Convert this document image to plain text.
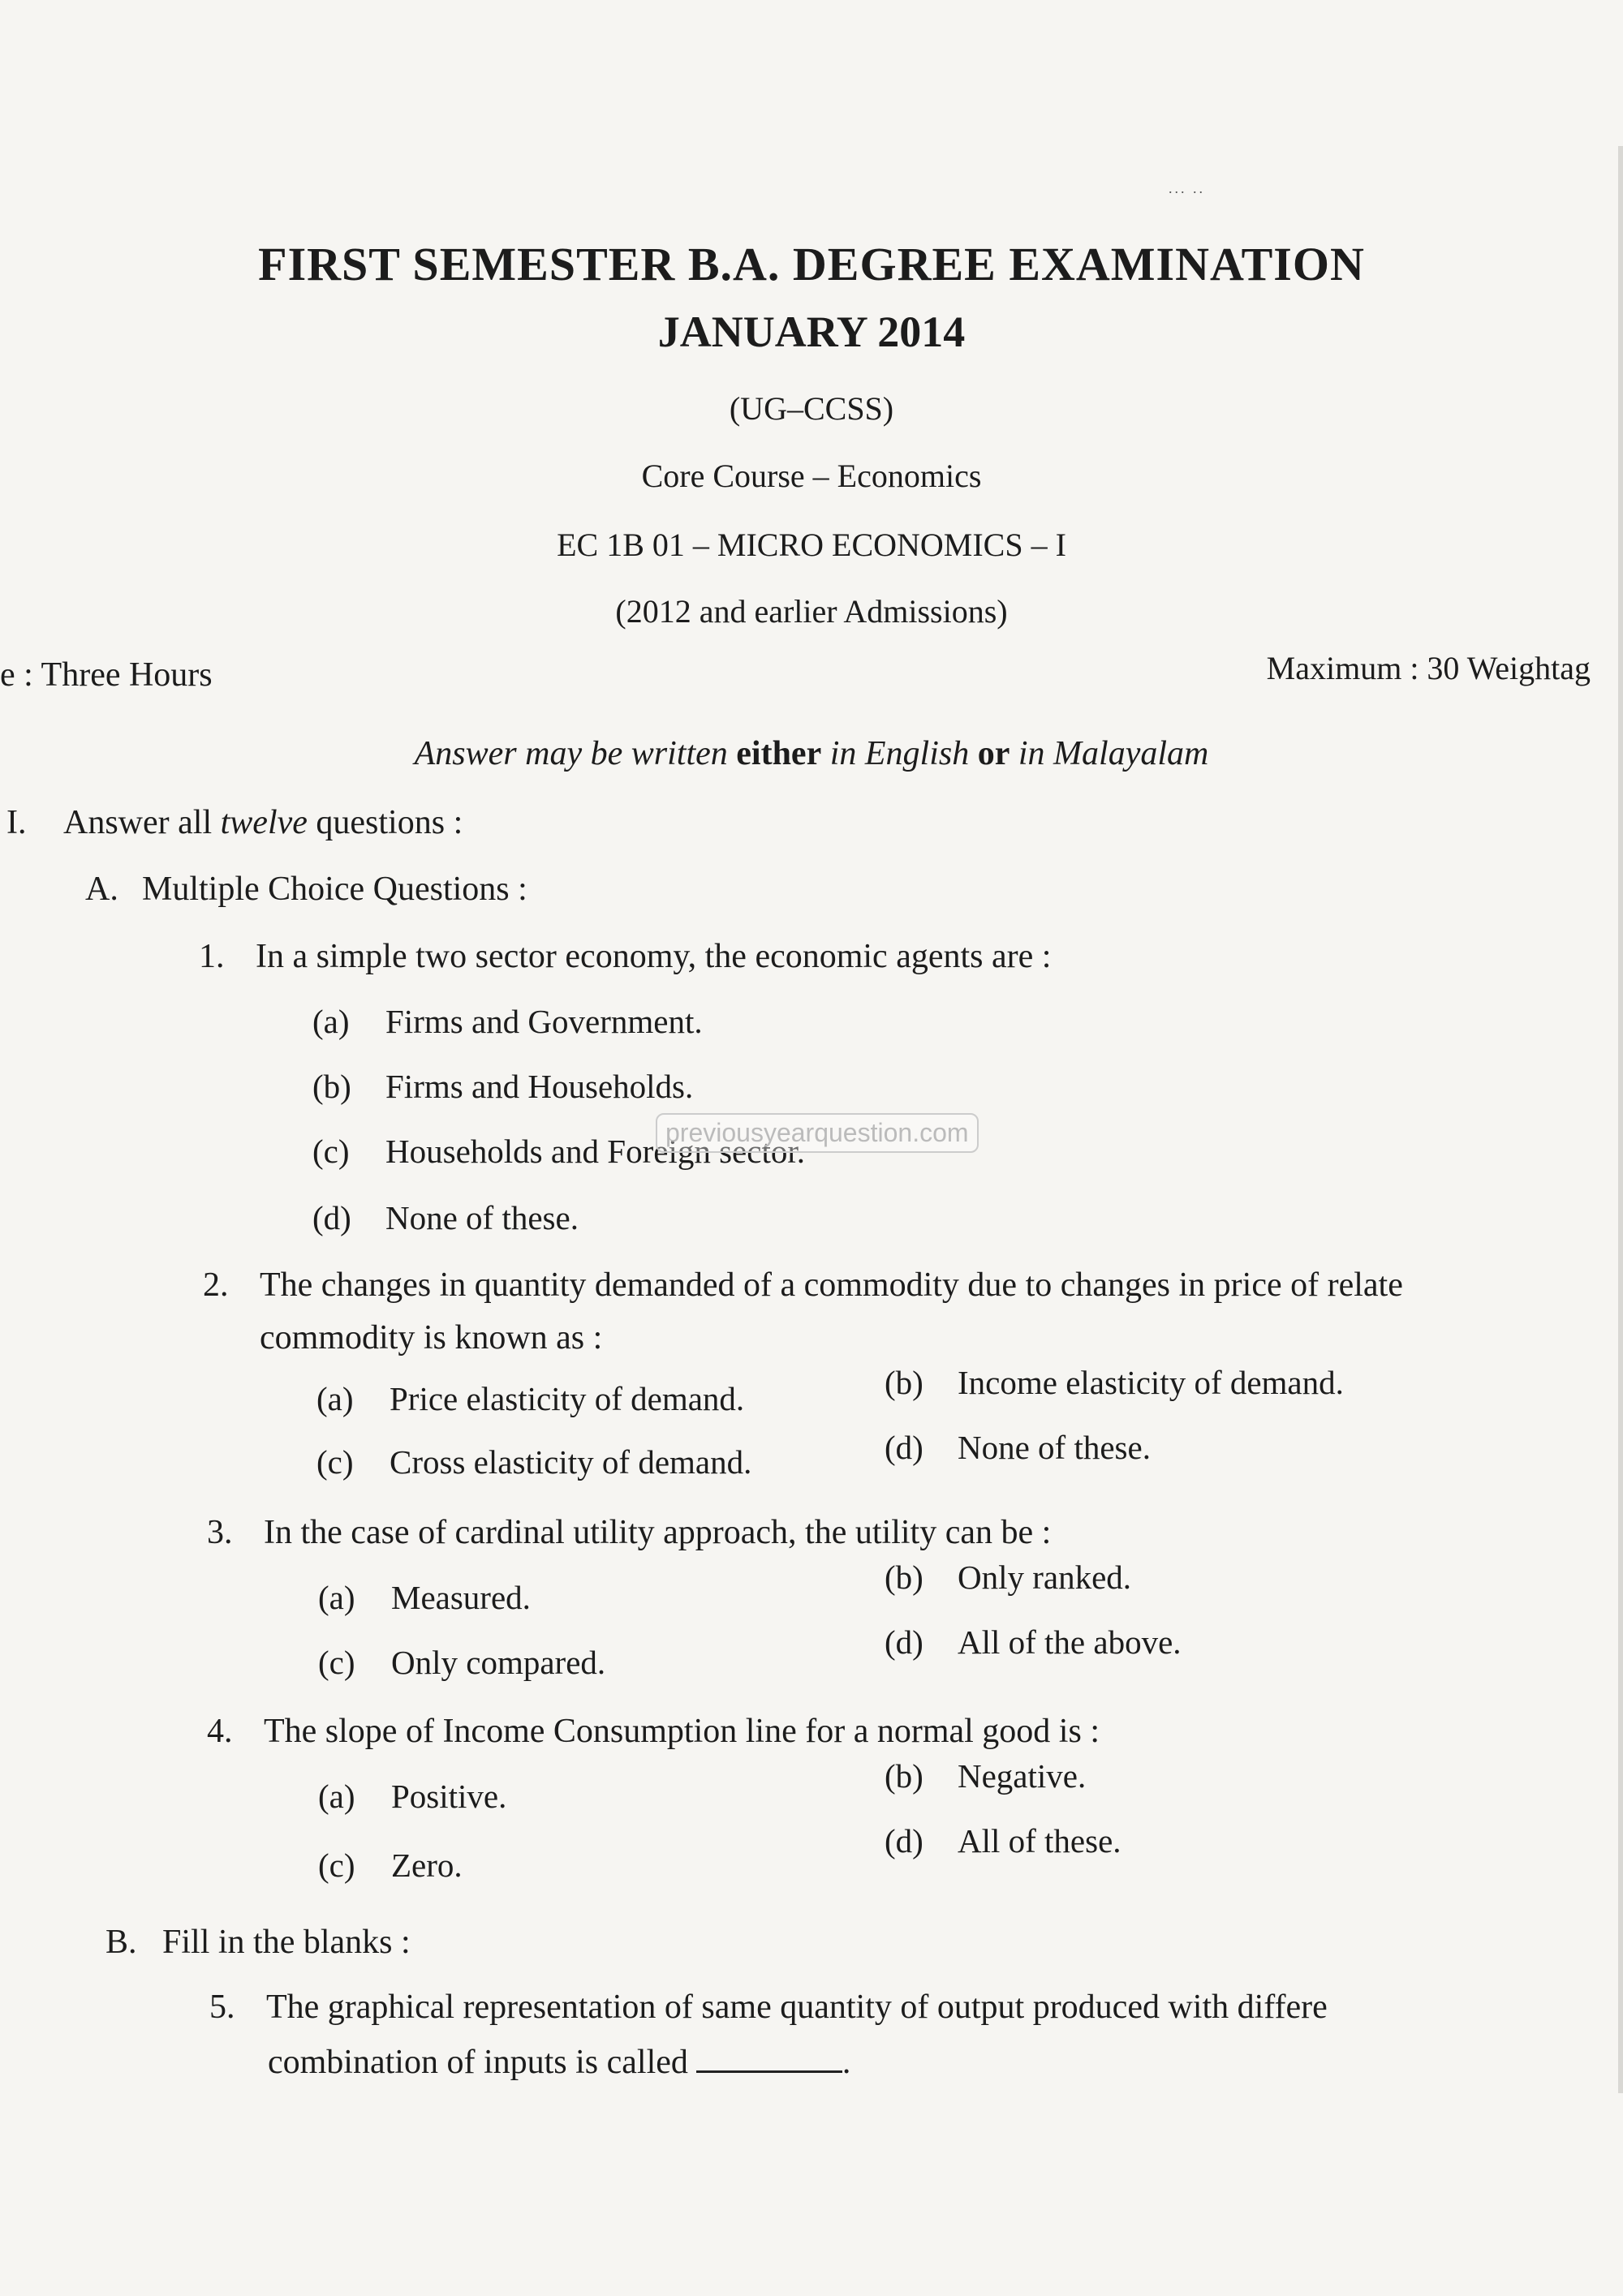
... ..
FIRST SEMESTER B.A. DEGREE EXAMINATION
JANUARY 2014
(UG–CCSS)
Core Course – Economics
EC 1B 01 – MICRO ECONOMICS – I
(2012 and earlier Admissions)
e : Three Hours	Maximum : 30 Weightag
Answer may be written either in English or in Malayalam
I. Answer all twelve questions :
A. Multiple Choice Questions :
1. In a simple two sector economy, the economic agents are :
(a) Firms and Government.
(b) Firms and Households.
(c) Households and Foreign sector.
(d) None of these.
2. The changes in quantity demanded of a commodity due to changes in price of relate
commodity is known as :
(a) Price elasticity of demand.	(b) Income elasticity of demand.
(c) Cross elasticity of demand.	(d) None of these.
3. In the case of cardinal utility approach, the utility can be :
(a) Measured.
(b) Only ranked.
(c) Only compared.
(d) All of the above.
4. The slope of Income Consumption line for a normal good is :
(a) Positive.
(b) Negative.
(c) Zero.
(d) All of these.
B. Fill in the blanks :
5. The graphical representation of same quantity of output produced with differe
combination of inputs is called	.
previousyearquestion.com
